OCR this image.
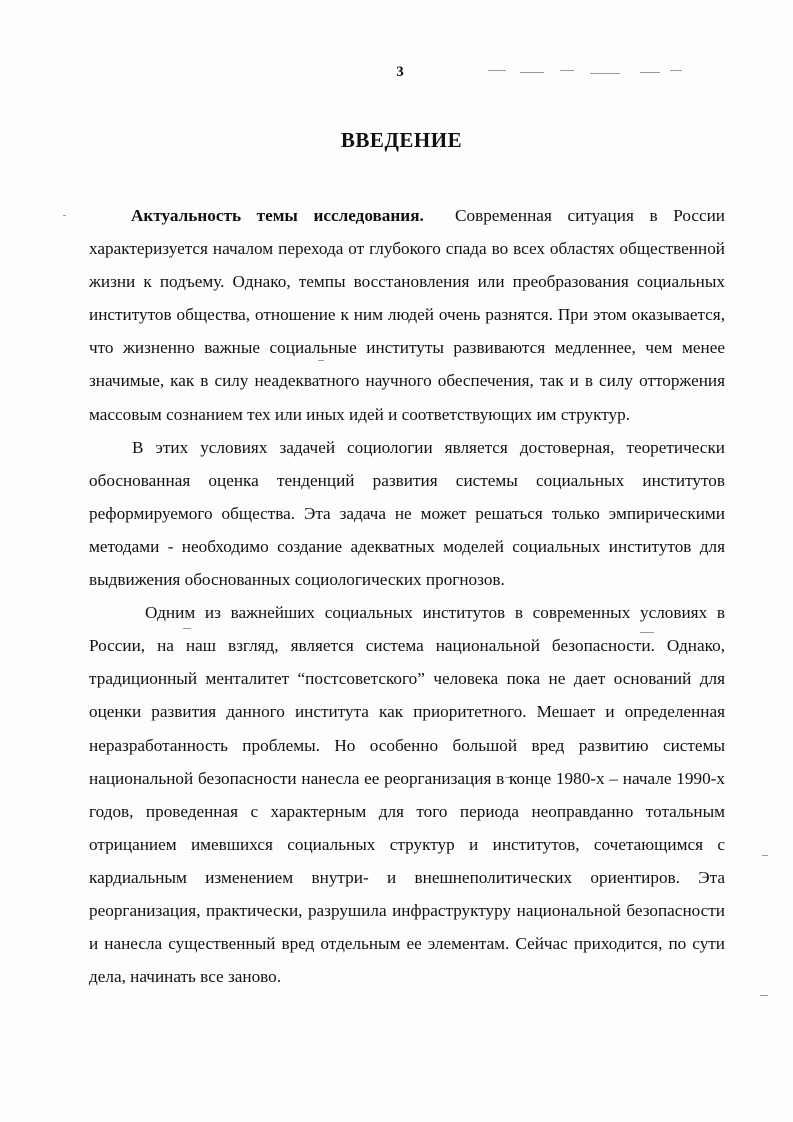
3
ВВЕДЕНИЕ

Актуальность темы исследования. Современная ситуация в России характеризуется началом перехода от глубокого спада во всех областях общественной жизни к подъему. Однако, темпы восстановления или преобразования социальных институтов общества, отношение к ним людей очень разнятся. При этом оказывается, что жизненно важные социальные институты развиваются медленнее, чем менее значимые, как в силу неадекватного научного обеспечения, так и в силу отторжения массовым сознанием тех или иных идей и соответствующих им структур.

В этих условиях задачей социологии является достоверная, теоретически обоснованная оценка тенденций развития системы социальных институтов реформируемого общества. Эта задача не может решаться только эмпирическими методами - необходимо создание адекватных моделей социальных институтов для выдвижения обоснованных социологических прогнозов.

Одним из важнейших социальных институтов в современных условиях в России, на наш взгляд, является система национальной безопасности. Однако, традиционный менталитет “постсоветского” человека пока не дает оснований для оценки развития данного института как приоритетного. Мешает и определенная неразработанность проблемы. Но особенно большой вред развитию системы национальной безопасности нанесла ее реорганизация в конце 1980-х – начале 1990-х годов, проведенная с характерным для того периода неоправданно тотальным отрицанием имевшихся социальных структур и институтов, сочетающимся с кардиальным изменением внутри- и внешнеполитических ориентиров. Эта реорганизация, практически, разрушила инфраструктуру национальной безопасности и нанесла существенный вред отдельным ее элементам. Сейчас приходится, по сути дела, начинать все заново.
